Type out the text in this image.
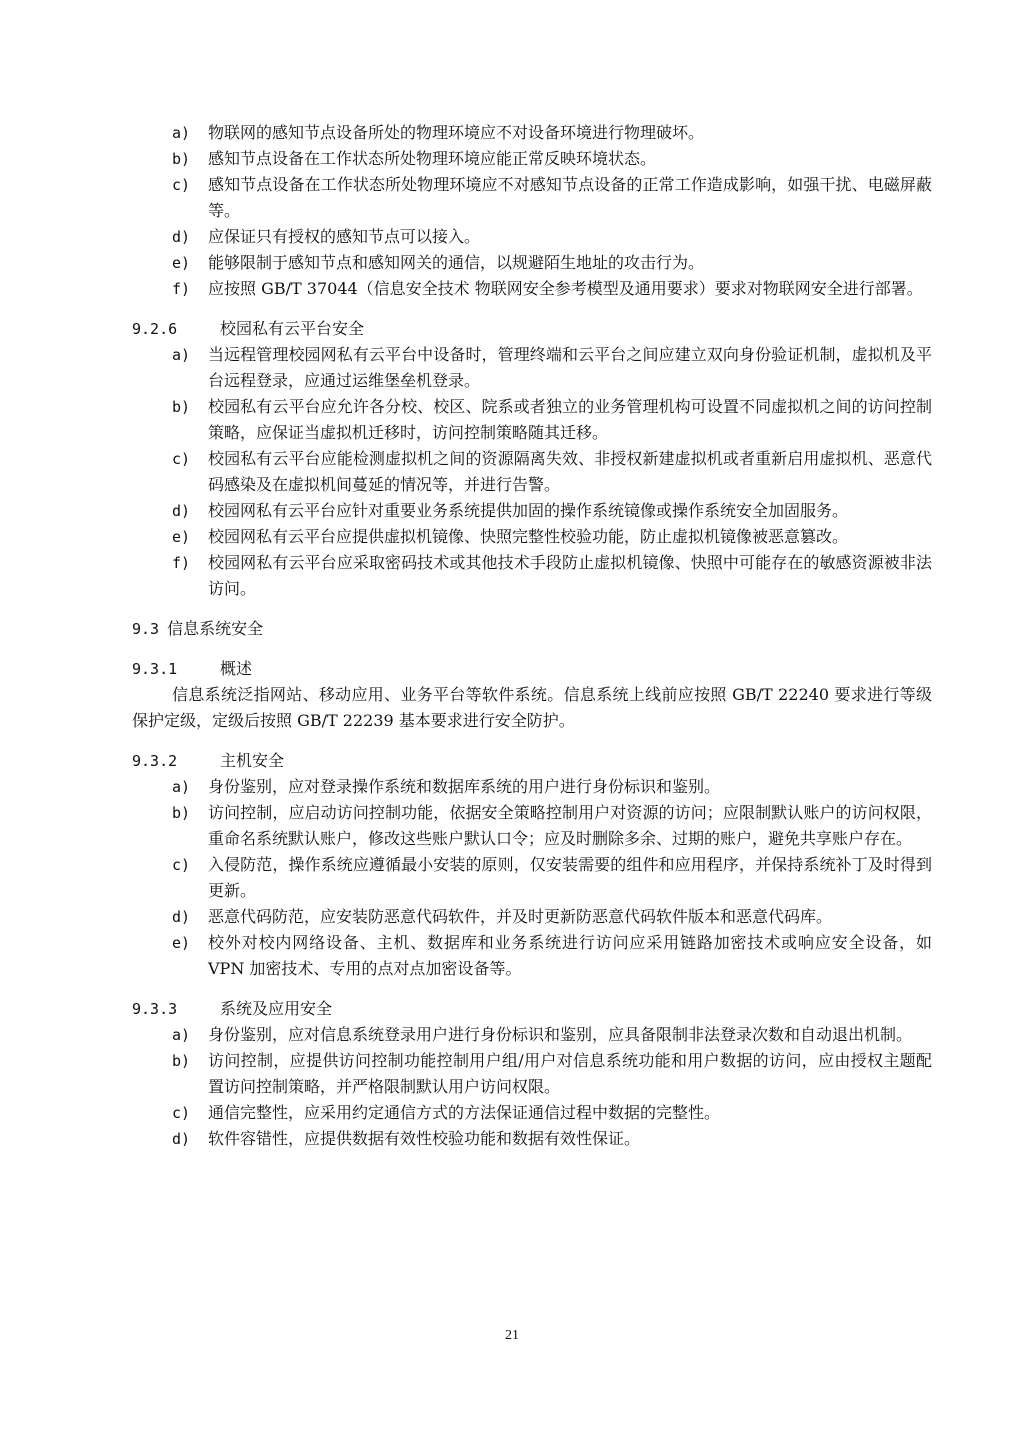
a) 物联网的感知节点设备所处的物理环境应不对设备环境进行物理破坏。
b) 感知节点设备在工作状态所处物理环境应能正常反映环境状态。
c) 感知节点设备在工作状态所处物理环境应不对感知节点设备的正常工作造成影响，如强干扰、电磁屏蔽等。
d) 应保证只有授权的感知节点可以接入。
e) 能够限制于感知节点和感知网关的通信，以规避陌生地址的攻击行为。
f) 应按照 GB/T 37044（信息安全技术 物联网安全参考模型及通用要求）要求对物联网安全进行部署。
9.2.6	校园私有云平台安全
a) 当远程管理校园网私有云平台中设备时，管理终端和云平台之间应建立双向身份验证机制，虚拟机及平台远程登录，应通过运维堡垒机登录。
b) 校园私有云平台应允许各分校、校区、院系或者独立的业务管理机构可设置不同虚拟机之间的访问控制策略，应保证当虚拟机迁移时，访问控制策略随其迁移。
c) 校园私有云平台应能检测虚拟机之间的资源隔离失效、非授权新建虚拟机或者重新启用虚拟机、恶意代码感染及在虚拟机间蔓延的情况等，并进行告警。
d) 校园网私有云平台应针对重要业务系统提供加固的操作系统镜像或操作系统安全加固服务。
e) 校园网私有云平台应提供虚拟机镜像、快照完整性校验功能，防止虚拟机镜像被恶意篡改。
f) 校园网私有云平台应采取密码技术或其他技术手段防止虚拟机镜像、快照中可能存在的敏感资源被非法访问。
9.3 信息系统安全
9.3.1	概述
信息系统泛指网站、移动应用、业务平台等软件系统。信息系统上线前应按照 GB/T 22240 要求进行等级保护定级，定级后按照 GB/T 22239 基本要求进行安全防护。
9.3.2	主机安全
a) 身份鉴别，应对登录操作系统和数据库系统的用户进行身份标识和鉴别。
b) 访问控制，应启动访问控制功能，依据安全策略控制用户对资源的访问；应限制默认账户的访问权限，重命名系统默认账户，修改这些账户默认口令；应及时删除多余、过期的账户，避免共享账户存在。
c) 入侵防范，操作系统应遵循最小安装的原则，仅安装需要的组件和应用程序，并保持系统补丁及时得到更新。
d) 恶意代码防范，应安装防恶意代码软件，并及时更新防恶意代码软件版本和恶意代码库。
e) 校外对校内网络设备、主机、数据库和业务系统进行访问应采用链路加密技术或响应安全设备，如 VPN 加密技术、专用的点对点加密设备等。
9.3.3	系统及应用安全
a) 身份鉴别，应对信息系统登录用户进行身份标识和鉴别，应具备限制非法登录次数和自动退出机制。
b) 访问控制，应提供访问控制功能控制用户组/用户对信息系统功能和用户数据的访问，应由授权主题配置访问控制策略，并严格限制默认用户访问权限。
c) 通信完整性，应采用约定通信方式的方法保证通信过程中数据的完整性。
d) 软件容错性，应提供数据有效性校验功能和数据有效性保证。
21
